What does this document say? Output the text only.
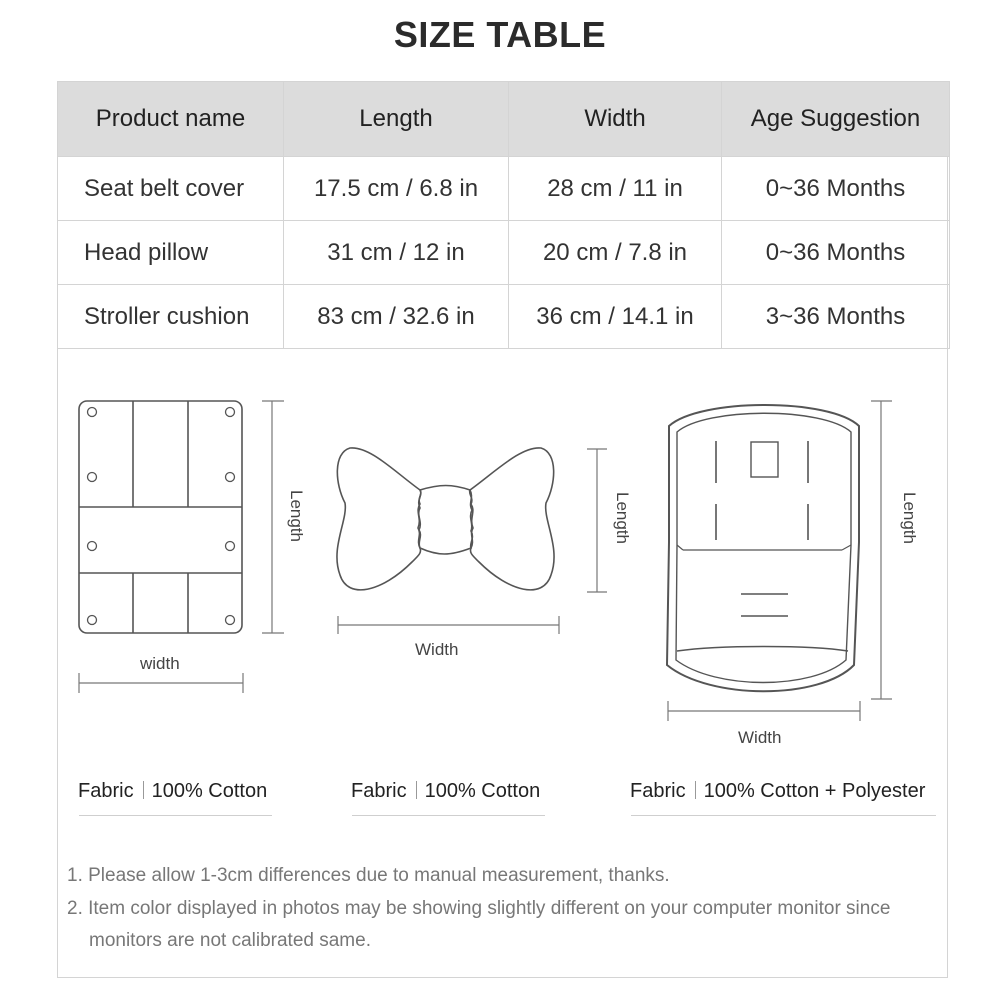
SIZE TABLE
Product name	Length	Width	Age Suggestion
Seat belt cover	17.5 cm / 6.8 in	28 cm / 11 in	0~36 Months
Head pillow	31 cm / 12 in	20 cm / 7.8 in	0~36 Months
Stroller cushion	83 cm / 32.6 in	36 cm / 14.1 in	3~36 Months
Length
width
Length
Width
Length
Width
Fabric 100% Cotton	Fabric 100% Cotton	Fabric 100% Cotton + Polyester
1. Please allow 1-3cm differences due to manual measurement, thanks.
2. Item color displayed in photos may be showing slightly different on your computer monitor since
monitors are not calibrated same.
